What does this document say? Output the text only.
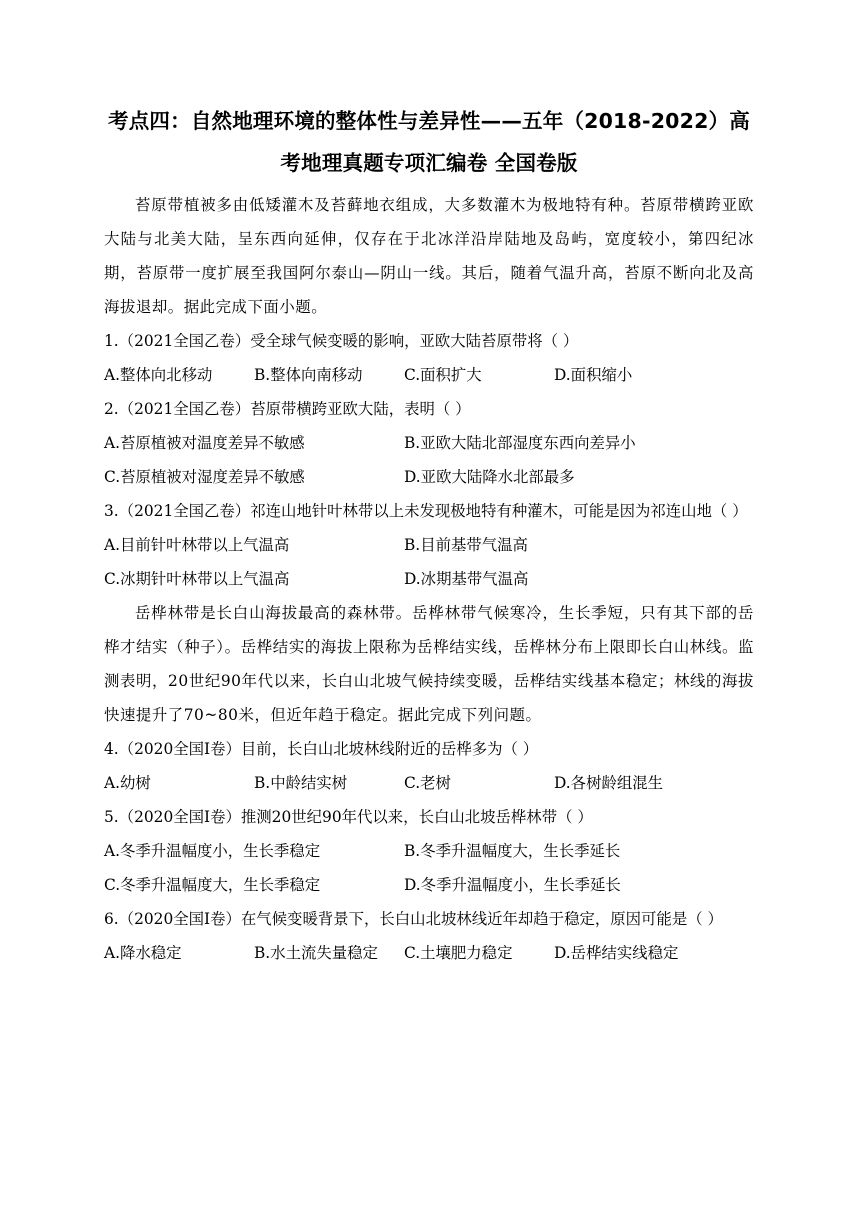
考点四：自然地理环境的整体性与差异性——五年（2018-2022）高
考地理真题专项汇编卷 全国卷版

苔原带植被多由低矮灌木及苔藓地衣组成，大多数灌木为极地特有种。苔原带横跨亚欧大陆与北美大陆，呈东西向延伸，仅存在于北冰洋沿岸陆地及岛屿，宽度较小，第四纪冰期，苔原带一度扩展至我国阿尔泰山—阴山一线。其后，随着气温升高，苔原不断向北及高海拔退却。据此完成下面小题。

1.（2021全国乙卷）受全球气候变暖的影响，亚欧大陆苔原带将（ ）

A.整体向北移动	B.整体向南移动	C.面积扩大	D.面积缩小

2.（2021全国乙卷）苔原带横跨亚欧大陆，表明（ ）

A.苔原植被对温度差异不敏感	B.亚欧大陆北部湿度东西向差异小
C.苔原植被对湿度差异不敏感	D.亚欧大陆降水北部最多

3.（2021全国乙卷）祁连山地针叶林带以上未发现极地特有种灌木，可能是因为祁连山地（ ）

A.目前针叶林带以上气温高	B.目前基带气温高
C.冰期针叶林带以上气温高	D.冰期基带气温高

岳桦林带是长白山海拔最高的森林带。岳桦林带气候寒冷，生长季短，只有其下部的岳桦才结实（种子）。岳桦结实的海拔上限称为岳桦结实线，岳桦林分布上限即长白山林线。监测表明，20世纪90年代以来，长白山北坡气候持续变暖，岳桦结实线基本稳定；林线的海拔快速提升了70~80米，但近年趋于稳定。据此完成下列问题。

4.（2020全国I卷）目前，长白山北坡林线附近的岳桦多为（ ）

A.幼树	B.中龄结实树	C.老树	D.各树龄组混生

5.（2020全国I卷）推测20世纪90年代以来，长白山北坡岳桦林带（ ）

A.冬季升温幅度小，生长季稳定	B.冬季升温幅度大，生长季延长
C.冬季升温幅度大，生长季稳定	D.冬季升温幅度小，生长季延长

6.（2020全国I卷）在气候变暖背景下，长白山北坡林线近年却趋于稳定，原因可能是（ ）

A.降水稳定	B.水土流失量稳定	C.土壤肥力稳定	D.岳桦结实线稳定
